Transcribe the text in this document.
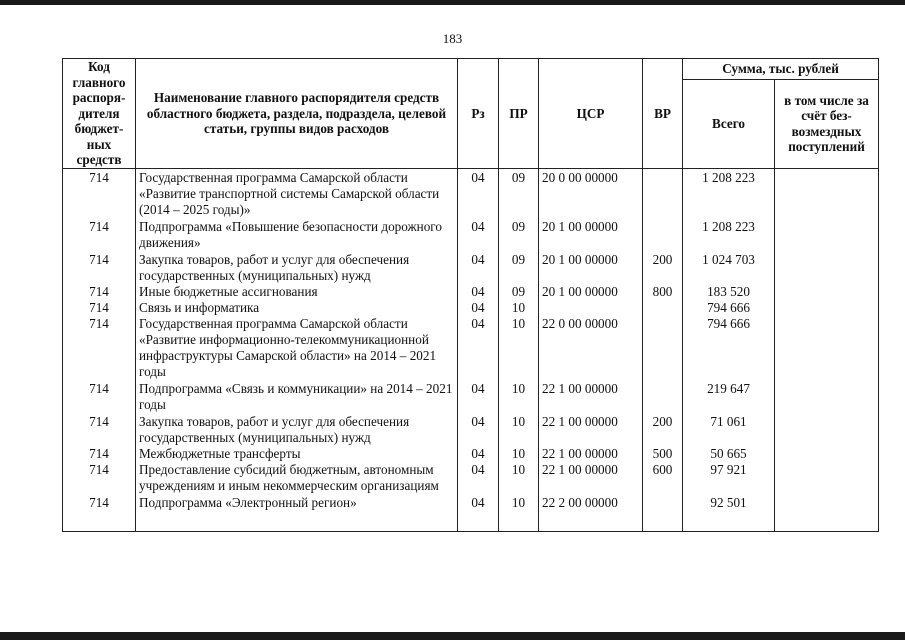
183
Код главного распоря-дителя бюджет-ных средств	Наименование главного распорядителя средств областного бюджета, раздела, подраздела, целевой статьи, группы видов расходов	Рз	ПР	ЦСР	ВР	Сумма, тыс. рублей	
						Всего	в том числе за счёт без-возмездных поступлений
714	Государственная программа Самарской области «Развитие транспортной системы Самарской области (2014 – 2025 годы)»	04	09	20 0 00 00000		1 208 223	
714	Подпрограмма «Повышение безопасности дорожного движения»	04	09	20 1 00 00000		1 208 223	
714	Закупка товаров, работ и услуг для обеспечения государственных (муниципальных) нужд	04	09	20 1 00 00000	200	1 024 703	
714	Иные бюджетные ассигнования	04	09	20 1 00 00000	800	183 520	
714	Связь и информатика	04	10			794 666	
714	Государственная программа Самарской области «Развитие информационно-телекоммуникационной инфраструктуры Самарской области» на 2014 – 2021 годы	04	10	22 0 00 00000		794 666	
714	Подпрограмма «Связь и коммуникации» на 2014 – 2021 годы	04	10	22 1 00 00000		219 647	
714	Закупка товаров, работ и услуг для обеспечения государственных (муниципальных) нужд	04	10	22 1 00 00000	200	71 061	
714	Межбюджетные трансферты	04	10	22 1 00 00000	500	50 665	
714	Предоставление субсидий бюджетным, автономным учреждениям и иным некоммерческим организациям	04	10	22 1 00 00000	600	97 921	
714	Подпрограмма «Электронный регион»	04	10	22 2 00 00000		92 501	
